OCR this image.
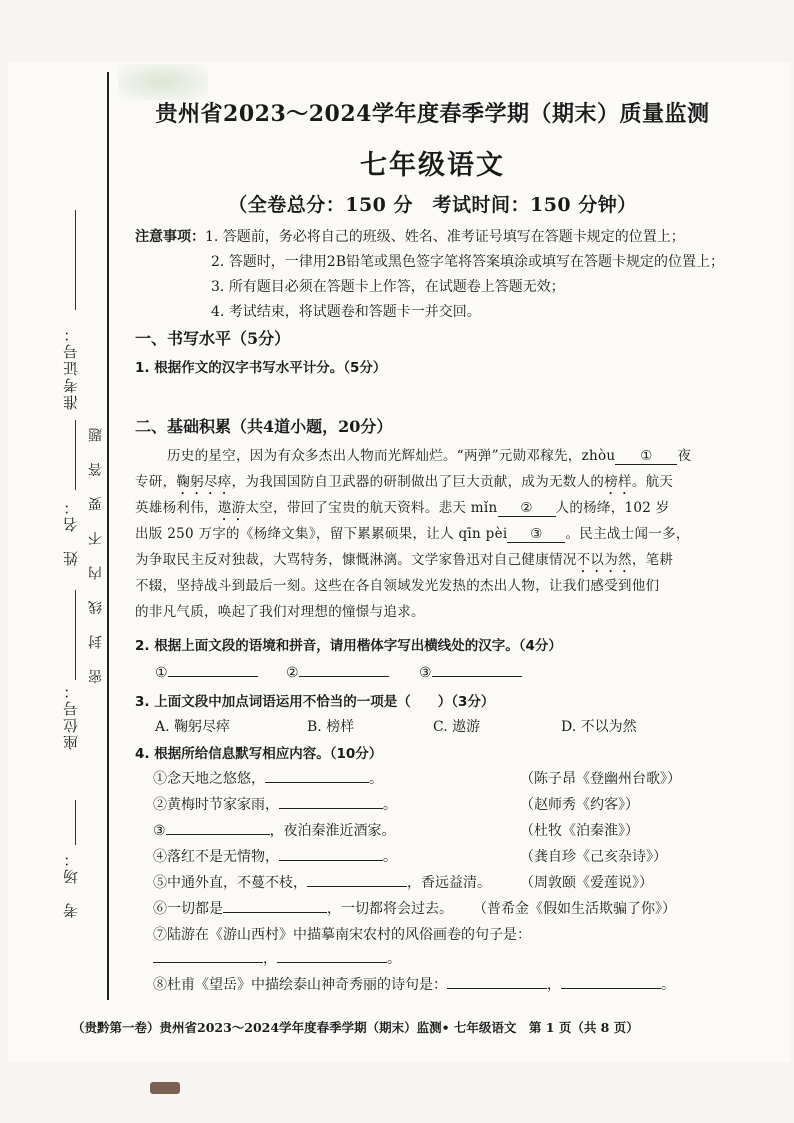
准考证号：
姓　名：
座位号：
考　场：
密 封 线 内 不 要 答 题
贵州省2023～2024学年度春季学期（期末）质量监测
七年级语文
（全卷总分：150 分　考试时间：150 分钟）
注意事项：1. 答题前，务必将自己的班级、姓名、准考证号填写在答题卡规定的位置上；
2. 答题时，一律用2B铅笔或黑色签字笔将答案填涂或填写在答题卡规定的位置上；
3. 所有题目必须在答题卡上作答，在试题卷上答题无效；
4. 考试结束，将试题卷和答题卡一并交回。
一、书写水平（5分）
1. 根据作文的汉字书写水平计分。（5分）
二、基础积累（共4道小题，20分）
历史的星空，因为有众多杰出人物而光辉灿烂。“两弹”元勋邓稼先，zhòu ① 夜
专研，鞠躬尽瘁，为我国国防自卫武器的研制做出了巨大贡献，成为无数人的榜样。航天
英雄杨利伟，遨游太空，带回了宝贵的航天资料。悲天 mǐn ② 人的杨绛，102 岁
出版 250 万字的《杨绛文集》，留下累累硕果，让人 qīn pèi ③ 。民主战士闻一多，
为争取民主反对独裁，大骂特务，慷慨淋漓。文学家鲁迅对自己健康情况不以为然，笔耕
不辍，坚持战斗到最后一刻。这些在各自领域发光发热的杰出人物，让我们感受到他们
的非凡气质，唤起了我们对理想的憧憬与追求。
2. 根据上面文段的语境和拼音，请用楷体字写出横线处的汉字。（4分）
①	②	③
3. 上面文段中加点词语运用不恰当的一项是（　　）（3分）
A. 鞠躬尽瘁	B. 榜样	C. 遨游	D. 不以为然
4. 根据所给信息默写相应内容。（10分）
①念天地之悠悠，	。	（陈子昂《登幽州台歌》）
②黄梅时节家家雨，	。	（赵师秀《约客》）
③	，夜泊秦淮近酒家。	（杜牧《泊秦淮》）
④落红不是无情物，	。	（龚自珍《己亥杂诗》）
⑤中通外直，不蔓不枝，	，香远益清。 （周敦颐《爱莲说》）
⑥一切都是	，一切都将会过去。 （普希金《假如生活欺骗了你》）
⑦陆游在《游山西村》中描摹南宋农村的风俗画卷的句子是：
，	。
⑧杜甫《望岳》中描绘泰山神奇秀丽的诗句是：	，	。
（贵黔第一卷）贵州省2023～2024学年度春季学期（期末）监测• 七年级语文　第 1 页（共 8 页）
